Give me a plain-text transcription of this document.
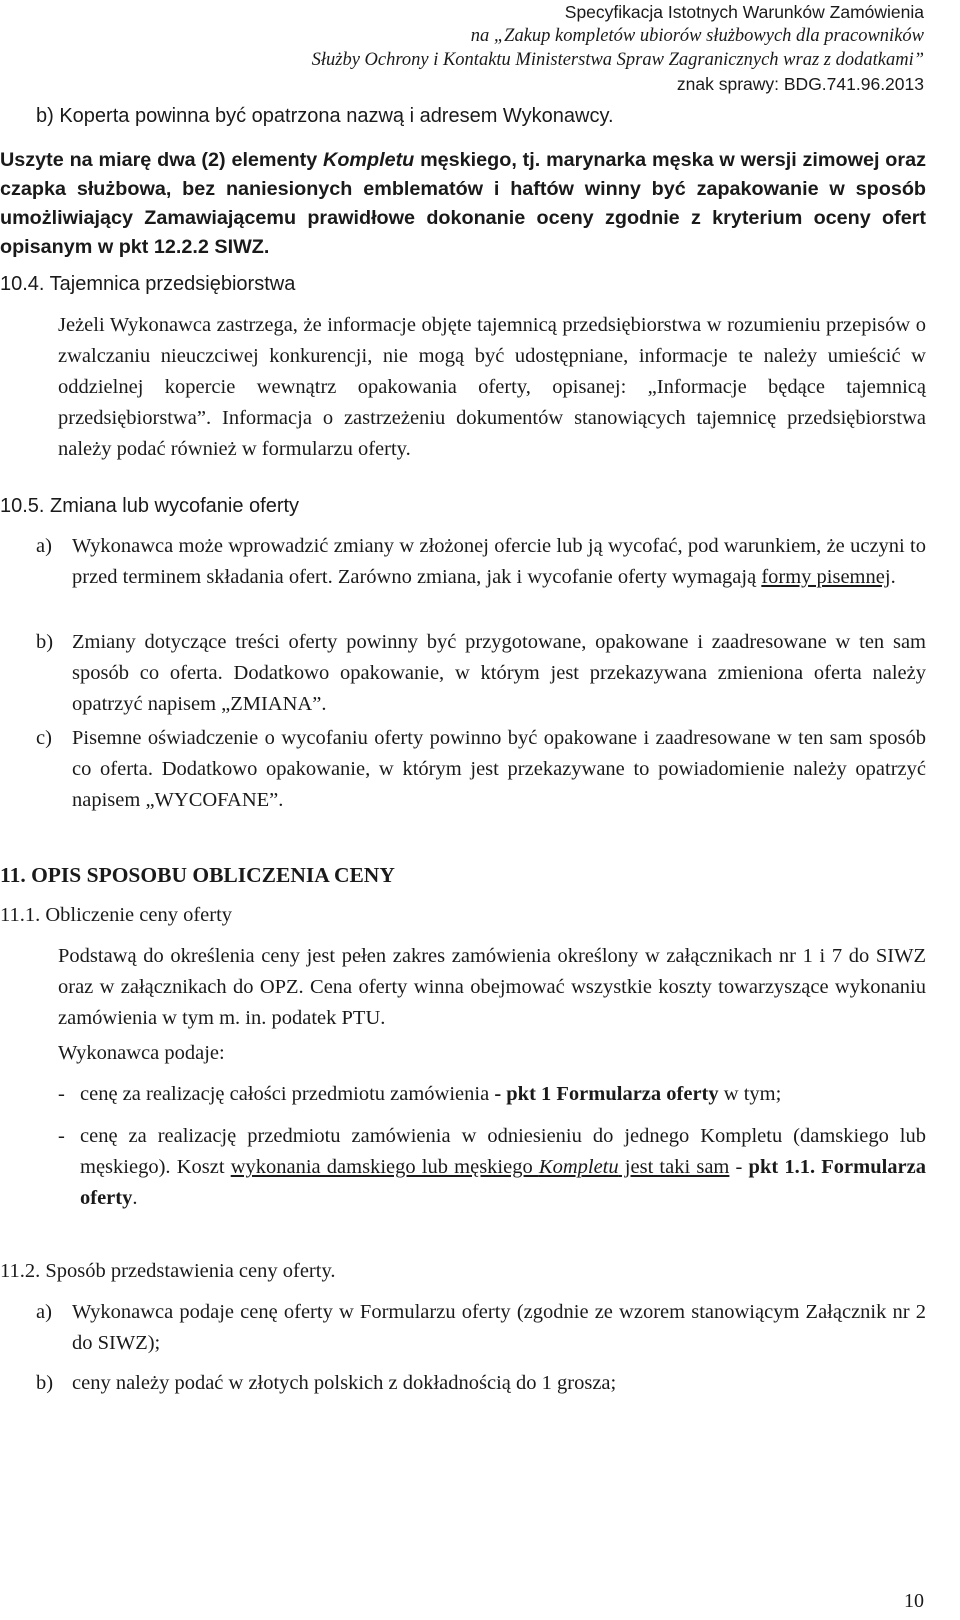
Specyfikacja Istotnych Warunków Zamówienia
na „Zakup kompletów ubiorów służbowych dla pracowników
Służby Ochrony i Kontaktu Ministerstwa Spraw Zagranicznych wraz z dodatkami”
znak sprawy: BDG.741.96.2013
b) Koperta powinna być opatrzona nazwą i adresem Wykonawcy.
Uszyte na miarę dwa (2) elementy Kompletu męskiego, tj. marynarka męska w wersji zimowej oraz czapka służbowa, bez naniesionych emblematów i haftów winny być zapakowanie w sposób umożliwiający Zamawiającemu prawidłowe dokonanie oceny zgodnie z kryterium oceny ofert opisanym w pkt 12.2.2 SIWZ.
10.4. Tajemnica przedsiębiorstwa
Jeżeli Wykonawca zastrzega, że informacje objęte tajemnicą przedsiębiorstwa w rozumieniu przepisów o zwalczaniu nieuczciwej konkurencji, nie mogą być udostępniane, informacje te należy umieścić w oddzielnej kopercie wewnątrz opakowania oferty, opisanej: „Informacje będące tajemnicą przedsiębiorstwa”. Informacja o zastrzeżeniu dokumentów stanowiących tajemnicę przedsiębiorstwa należy podać również w formularzu oferty.
10.5. Zmiana lub wycofanie oferty
a) Wykonawca może wprowadzić zmiany w złożonej ofercie lub ją wycofać, pod warunkiem, że uczyni to przed terminem składania ofert. Zarówno zmiana, jak i wycofanie oferty wymagają formy pisemnej.
b) Zmiany dotyczące treści oferty powinny być przygotowane, opakowane i zaadresowane w ten sam sposób co oferta. Dodatkowo opakowanie, w którym jest przekazywana zmieniona oferta należy opatrzyć napisem „ZMIANA”.
c) Pisemne oświadczenie o wycofaniu oferty powinno być opakowane i zaadresowane w ten sam sposób co oferta. Dodatkowo opakowanie, w którym jest przekazywane to powiadomienie należy opatrzyć napisem „WYCOFANE”.
11. OPIS SPOSOBU OBLICZENIA CENY
11.1. Obliczenie ceny oferty
Podstawą do określenia ceny jest pełen zakres zamówienia określony w załącznikach nr 1 i 7 do SIWZ oraz w załącznikach do OPZ. Cena oferty winna obejmować wszystkie koszty towarzyszące wykonaniu zamówienia w tym m. in. podatek PTU.
Wykonawca podaje:
- cenę za realizację całości przedmiotu zamówienia - pkt 1 Formularza oferty w tym;
- cenę za realizację przedmiotu zamówienia w odniesieniu do jednego Kompletu (damskiego lub męskiego). Koszt wykonania damskiego lub męskiego Kompletu jest taki sam - pkt 1.1. Formularza oferty.
11.2. Sposób przedstawienia ceny oferty.
a) Wykonawca podaje cenę oferty w Formularzu oferty (zgodnie ze wzorem stanowiącym Załącznik nr 2 do SIWZ);
b) ceny należy podać w złotych polskich z dokładnością do 1 grosza;
10
